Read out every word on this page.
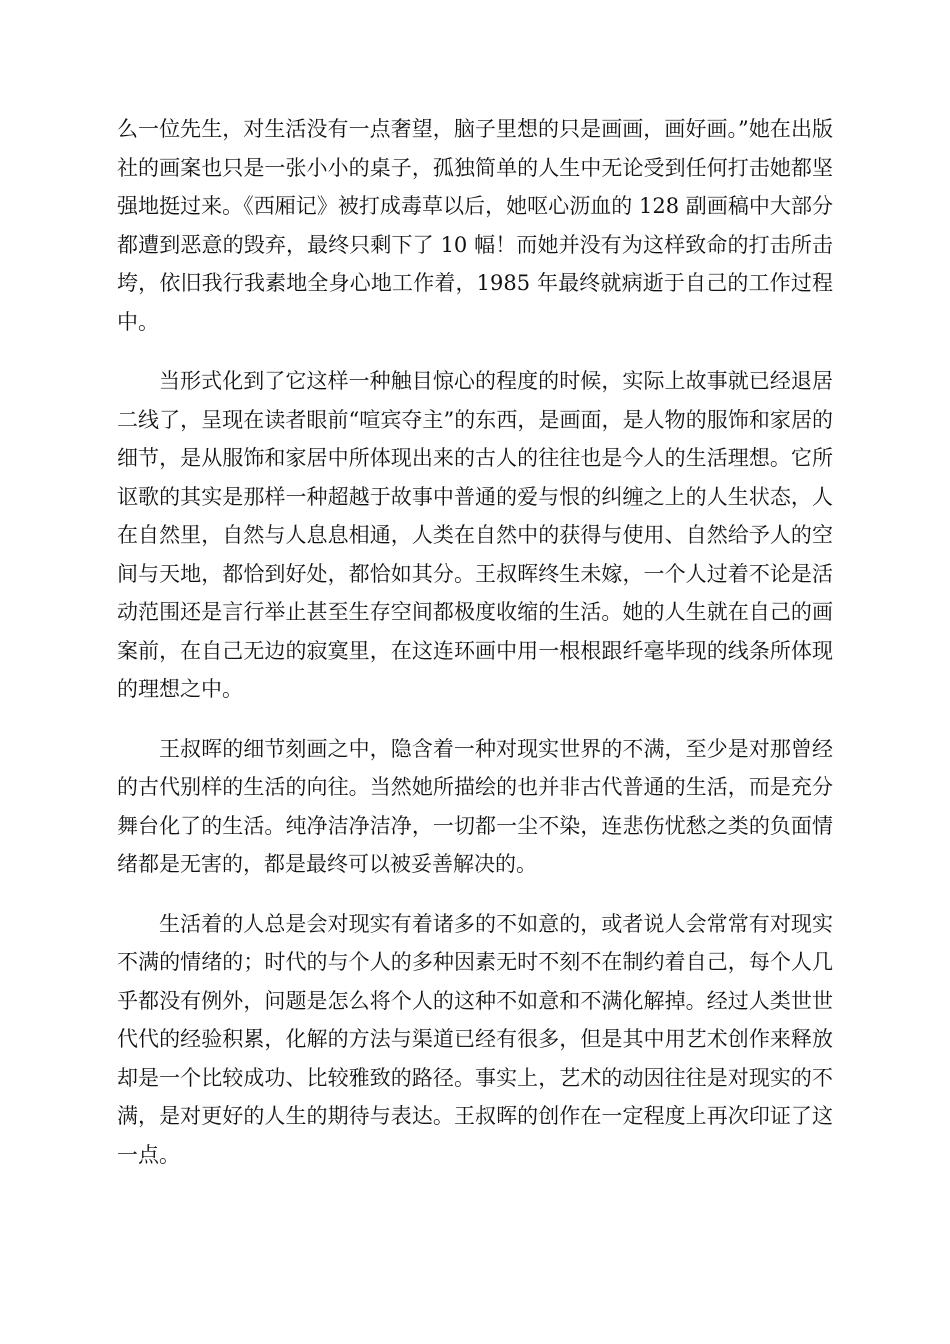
么一位先生，对生活没有一点奢望，脑子里想的只是画画，画好画。”她在出版社的画案也只是一张小小的桌子，孤独简单的人生中无论受到任何打击她都坚强地挺过来。《西厢记》被打成毒草以后，她呕心沥血的 128 副画稿中大部分都遭到恶意的毁弃，最终只剩下了 10 幅！而她并没有为这样致命的打击所击垮，依旧我行我素地全身心地工作着，1985 年最终就病逝于自己的工作过程中。

当形式化到了它这样一种触目惊心的程度的时候，实际上故事就已经退居二线了，呈现在读者眼前“喧宾夺主”的东西，是画面，是人物的服饰和家居的细节，是从服饰和家居中所体现出来的古人的往往也是今人的生活理想。它所讴歌的其实是那样一种超越于故事中普通的爱与恨的纠缠之上的人生状态，人在自然里，自然与人息息相通，人类在自然中的获得与使用、自然给予人的空间与天地，都恰到好处，都恰如其分。王叔晖终生未嫁，一个人过着不论是活动范围还是言行举止甚至生存空间都极度收缩的生活。她的人生就在自己的画案前，在自己无边的寂寞里，在这连环画中用一根根跟纤毫毕现的线条所体现的理想之中。

王叔晖的细节刻画之中，隐含着一种对现实世界的不满，至少是对那曾经的古代别样的生活的向往。当然她所描绘的也并非古代普通的生活，而是充分舞台化了的生活。纯净洁净洁净，一切都一尘不染，连悲伤忧愁之类的负面情绪都是无害的，都是最终可以被妥善解决的。

生活着的人总是会对现实有着诸多的不如意的，或者说人会常常有对现实不满的情绪的；时代的与个人的多种因素无时不刻不在制约着自己，每个人几乎都没有例外，问题是怎么将个人的这种不如意和不满化解掉。经过人类世世代代的经验积累，化解的方法与渠道已经有很多，但是其中用艺术创作来释放却是一个比较成功、比较雅致的路径。事实上，艺术的动因往往是对现实的不满，是对更好的人生的期待与表达。王叔晖的创作在一定程度上再次印证了这一点。
